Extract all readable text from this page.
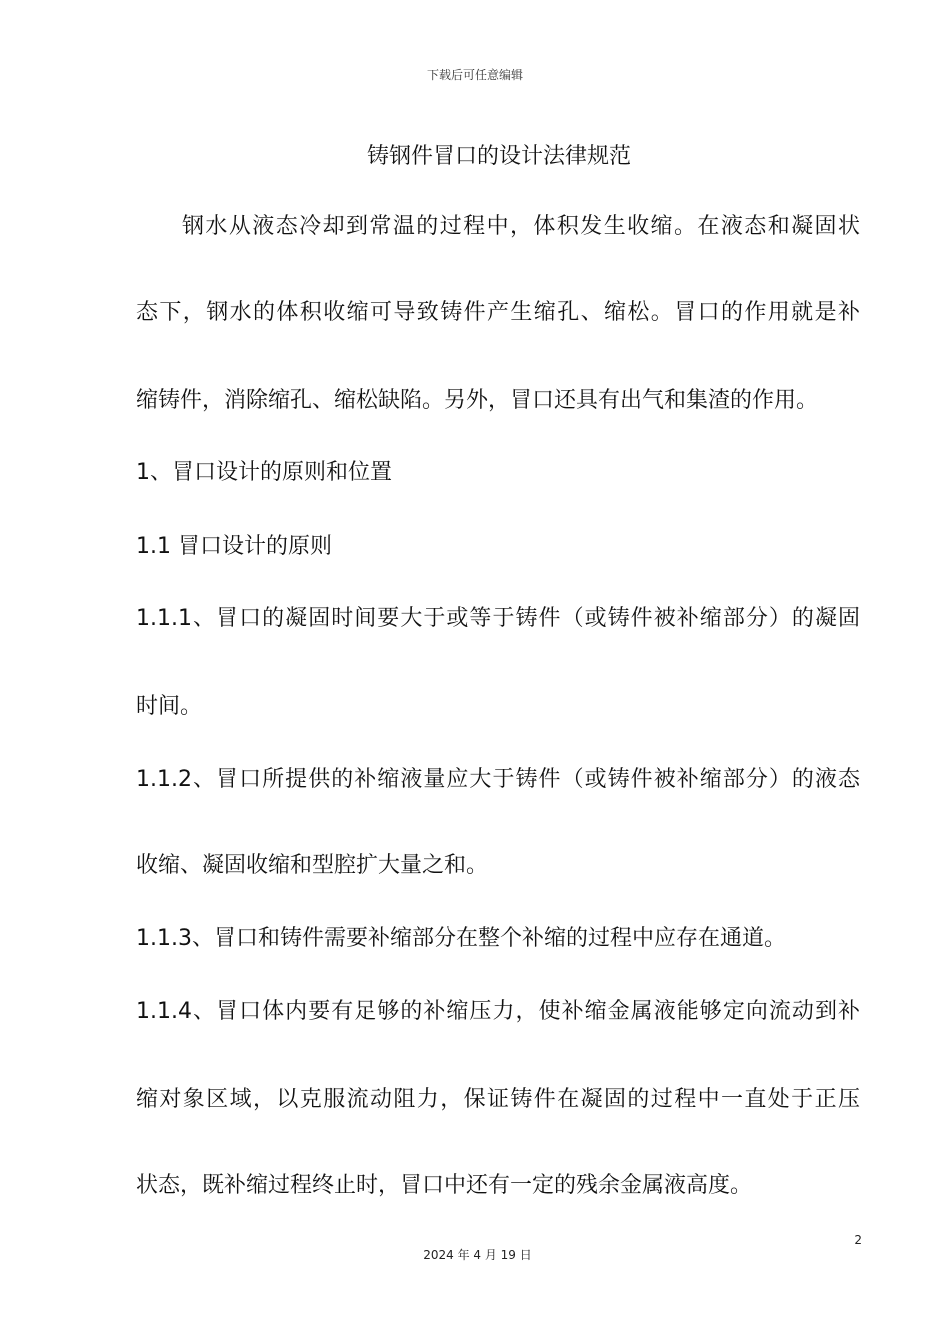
下载后可任意编辑
铸钢件冒口的设计法律规范
钢水从液态冷却到常温的过程中，体积发生收缩。在液态和凝固状
态下，钢水的体积收缩可导致铸件产生缩孔、缩松。冒口的作用就是补
缩铸件，消除缩孔、缩松缺陷。另外，冒口还具有出气和集渣的作用。
1、冒口设计的原则和位置
1.1 冒口设计的原则
1.1.1、冒口的凝固时间要大于或等于铸件（或铸件被补缩部分）的凝固
时间。
1.1.2、冒口所提供的补缩液量应大于铸件（或铸件被补缩部分）的液态
收缩、凝固收缩和型腔扩大量之和。
1.1.3、冒口和铸件需要补缩部分在整个补缩的过程中应存在通道。
1.1.4、冒口体内要有足够的补缩压力，使补缩金属液能够定向流动到补
缩对象区域，以克服流动阻力，保证铸件在凝固的过程中一直处于正压
状态，既补缩过程终止时，冒口中还有一定的残余金属液高度。
2
2024 年 4 月 19 日
